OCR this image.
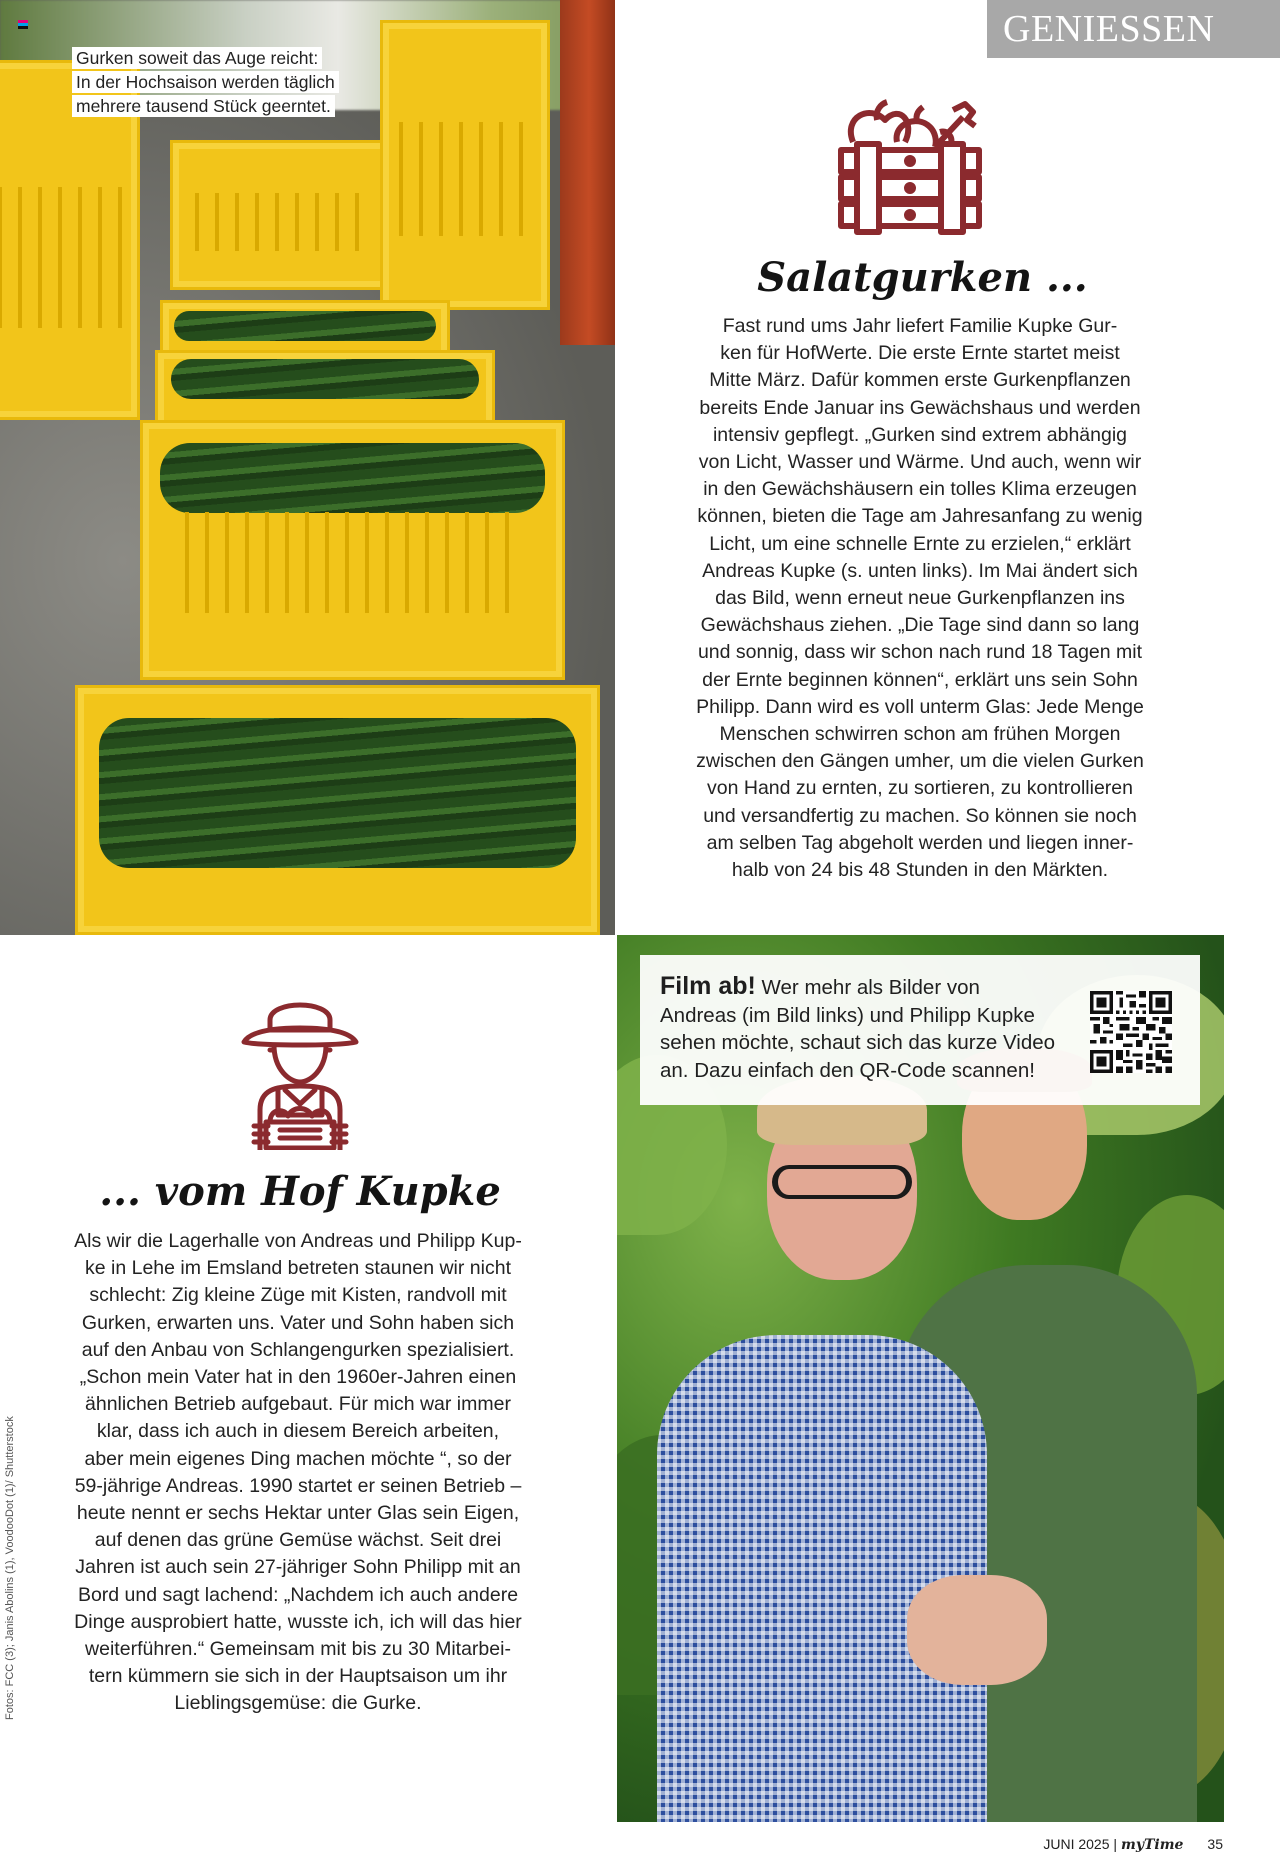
Gurken soweit das Auge reicht:
In der Hochsaison werden täglich
mehrere tausend Stück geerntet.
GENIESSEN
Salatgurken ...
Fast rund ums Jahr liefert Familie Kupke Gur-
ken für HofWerte. Die erste Ernte startet meist
Mitte März. Dafür kommen erste Gurkenpflanzen
bereits Ende Januar ins Gewächshaus und werden
intensiv gepflegt. „Gurken sind extrem abhängig
von Licht, Wasser und Wärme. Und auch, wenn wir
in den Gewächshäusern ein tolles Klima erzeugen
können, bieten die Tage am Jahresanfang zu wenig
Licht, um eine schnelle Ernte zu erzielen,“ erklärt
Andreas Kupke (s. unten links). Im Mai ändert sich
das Bild, wenn erneut neue Gurkenpflanzen ins
Gewächshaus ziehen. „Die Tage sind dann so lang
und sonnig, dass wir schon nach rund 18 Tagen mit
der Ernte beginnen können“, erklärt uns sein Sohn
Philipp. Dann wird es voll unterm Glas: Jede Menge
Menschen schwirren schon am frühen Morgen
zwischen den Gängen umher, um die vielen Gurken
von Hand zu ernten, zu sortieren, zu kontrollieren
und versandfertig zu machen. So können sie noch
am selben Tag abgeholt werden und liegen inner-
halb von 24 bis 48 Stunden in den Märkten.
Film ab! Wer mehr als Bilder von
Andreas (im Bild links) und Philipp Kupke
sehen möchte, schaut sich das kurze Video
an. Dazu einfach den QR-Code scannen!
... vom Hof Kupke
Als wir die Lagerhalle von Andreas und Philipp Kup-
ke in Lehe im Emsland betreten staunen wir nicht
schlecht: Zig kleine Züge mit Kisten, randvoll mit
Gurken, erwarten uns. Vater und Sohn haben sich
auf den Anbau von Schlangengurken spezialisiert.
„Schon mein Vater hat in den 1960er-Jahren einen
ähnlichen Betrieb aufgebaut. Für mich war immer
klar, dass ich auch in diesem Bereich arbeiten,
aber mein eigenes Ding machen möchte “, so der
59-jährige Andreas. 1990 startet er seinen Betrieb –
heute nennt er sechs Hektar unter Glas sein Eigen,
auf denen das grüne Gemüse wächst. Seit drei
Jahren ist auch sein 27-jähriger Sohn Philipp mit an
Bord und sagt lachend: „Nachdem ich auch andere
Dinge ausprobiert hatte, wusste ich, ich will das hier
weiterführen.“ Gemeinsam mit bis zu 30 Mitarbei-
tern kümmern sie sich in der Hauptsaison um ihr
Lieblingsgemüse: die Gurke.
Fotos: FCC (3); Janis Abolins (1), VoodooDot (1)/ Shutterstock
JUNI 2025 | myTime 35
